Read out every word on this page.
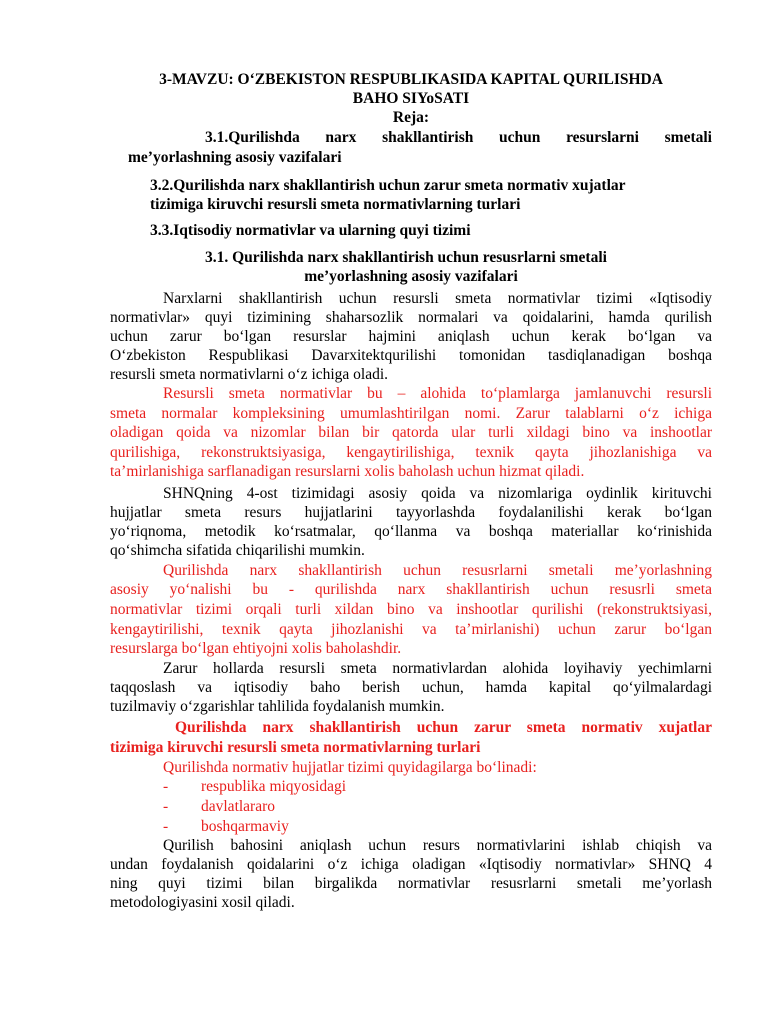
3-MAVZU: O‘ZBEKISTON RESPUBLIKASIDA KAPITAL QURILISHDA
BAHO SIYoSATI
Reja:
3.1.Qurilishda narx shakllantirish uchun resurslarni smetali
me’yorlashning asosiy vazifalari
3.2.Qurilishda narx shakllantirish uchun zarur smeta normativ xujatlar
tizimiga kiruvchi resursli smeta normativlarning turlari
3.3.Iqtisodiy normativlar va ularning quyi tizimi
3.1. Qurilishda narx shakllantirish uchun resusrlarni smetali
me’yorlashning asosiy vazifalari
Narxlarni shakllantirish uchun resursli smeta normativlar tizimi «Iqtisodiy
normativlar» quyi tizimining shaharsozlik normalari va qoidalarini, hamda qurilish
uchun zarur bo‘lgan resurslar hajmini aniqlash uchun kerak bo‘lgan va
O‘zbekiston Respublikasi Davarxitektqurilishi tomonidan tasdiqlanadigan boshqa
resursli smeta normativlarni o‘z ichiga oladi.
Resursli smeta normativlar bu – alohida to‘plamlarga jamlanuvchi resursli
smeta normalar kompleksining umumlashtirilgan nomi. Zarur talablarni o‘z ichiga
oladigan qoida va nizomlar bilan bir qatorda ular turli xildagi bino va inshootlar
qurilishiga, rekonstruktsiyasiga, kengaytirilishiga, texnik qayta jihozlanishiga va
ta’mirlanishiga sarflanadigan resurslarni xolis baholash uchun hizmat qiladi.
SHNQning 4-ost tizimidagi asosiy qoida va nizomlariga oydinlik kirituvchi
hujjatlar smeta resurs hujjatlarini tayyorlashda foydalanilishi kerak bo‘lgan
yo‘riqnoma, metodik ko‘rsatmalar, qo‘llanma va boshqa materiallar ko‘rinishida
qo‘shimcha sifatida chiqarilishi mumkin.
Qurilishda narx shakllantirish uchun resusrlarni smetali me’yorlashning
asosiy yo‘nalishi bu - qurilishda narx shakllantirish uchun resusrli smeta
normativlar tizimi orqali turli xildan bino va inshootlar qurilishi (rekonstruktsiyasi,
kengaytirilishi, texnik qayta jihozlanishi va ta’mirlanishi) uchun zarur bo‘lgan
resurslarga bo‘lgan ehtiyojni xolis baholashdir.
Zarur hollarda resursli smeta normativlardan alohida loyihaviy yechimlarni
taqqoslash va iqtisodiy baho berish uchun, hamda kapital qo‘yilmalardagi
tuzilmaviy o‘zgarishlar tahlilida foydalanish mumkin.
Qurilishda narx shakllantirish uchun zarur smeta normativ xujatlar
tizimiga kiruvchi resursli smeta normativlarning turlari
Qurilishda normativ hujjatlar tizimi quyidagilarga bo‘linadi:
- respublika miqyosidagi
- davlatlararo
- boshqarmaviy
Qurilish bahosini aniqlash uchun resurs normativlarini ishlab chiqish va
undan foydalanish qoidalarini o‘z ichiga oladigan «Iqtisodiy normativlar» SHNQ 4
ning quyi tizimi bilan birgalikda normativlar resusrlarni smetali me’yorlash
metodologiyasini xosil qiladi.
